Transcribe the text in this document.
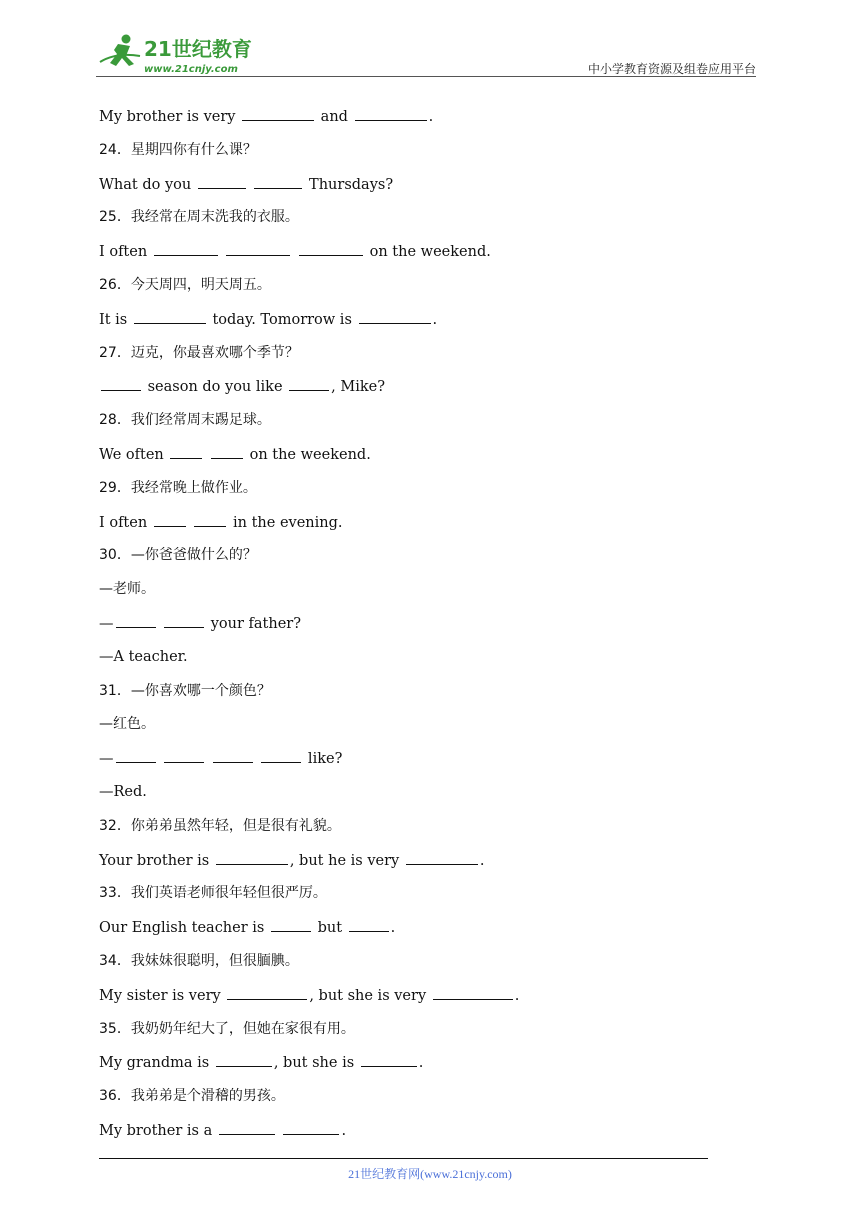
21世纪教育
www.21cnjy.com	中小学教育资源及组卷应用平台
My brother is very	and	.
24．星期四你有什么课？
What do you	Thursdays?
25．我经常在周末洗我的衣服。
I often	on the weekend.
26．今天周四，明天周五。
It is	today. Tomorrow is	.
27．迈克，你最喜欢哪个季节？
season do you like	, Mike?
28．我们经常周末踢足球。
We often	on the weekend.
29．我经常晚上做作业。
I often	in the evening.
30．—你爸爸做什么的？
—老师。
—	your father?
—A teacher.
31．—你喜欢哪一个颜色？
—红色。
—	like?
—Red.
32．你弟弟虽然年轻，但是很有礼貌。
Your brother is	, but he is very	.
33．我们英语老师很年轻但很严厉。
Our English teacher is	but	.
34．我妹妹很聪明，但很腼腆。
My sister is very	, but she is very	.
35．我奶奶年纪大了，但她在家很有用。
My grandma is	, but she is	.
36．我弟弟是个滑稽的男孩。
My brother is a	.
21世纪教育网(www.21cnjy.com)
